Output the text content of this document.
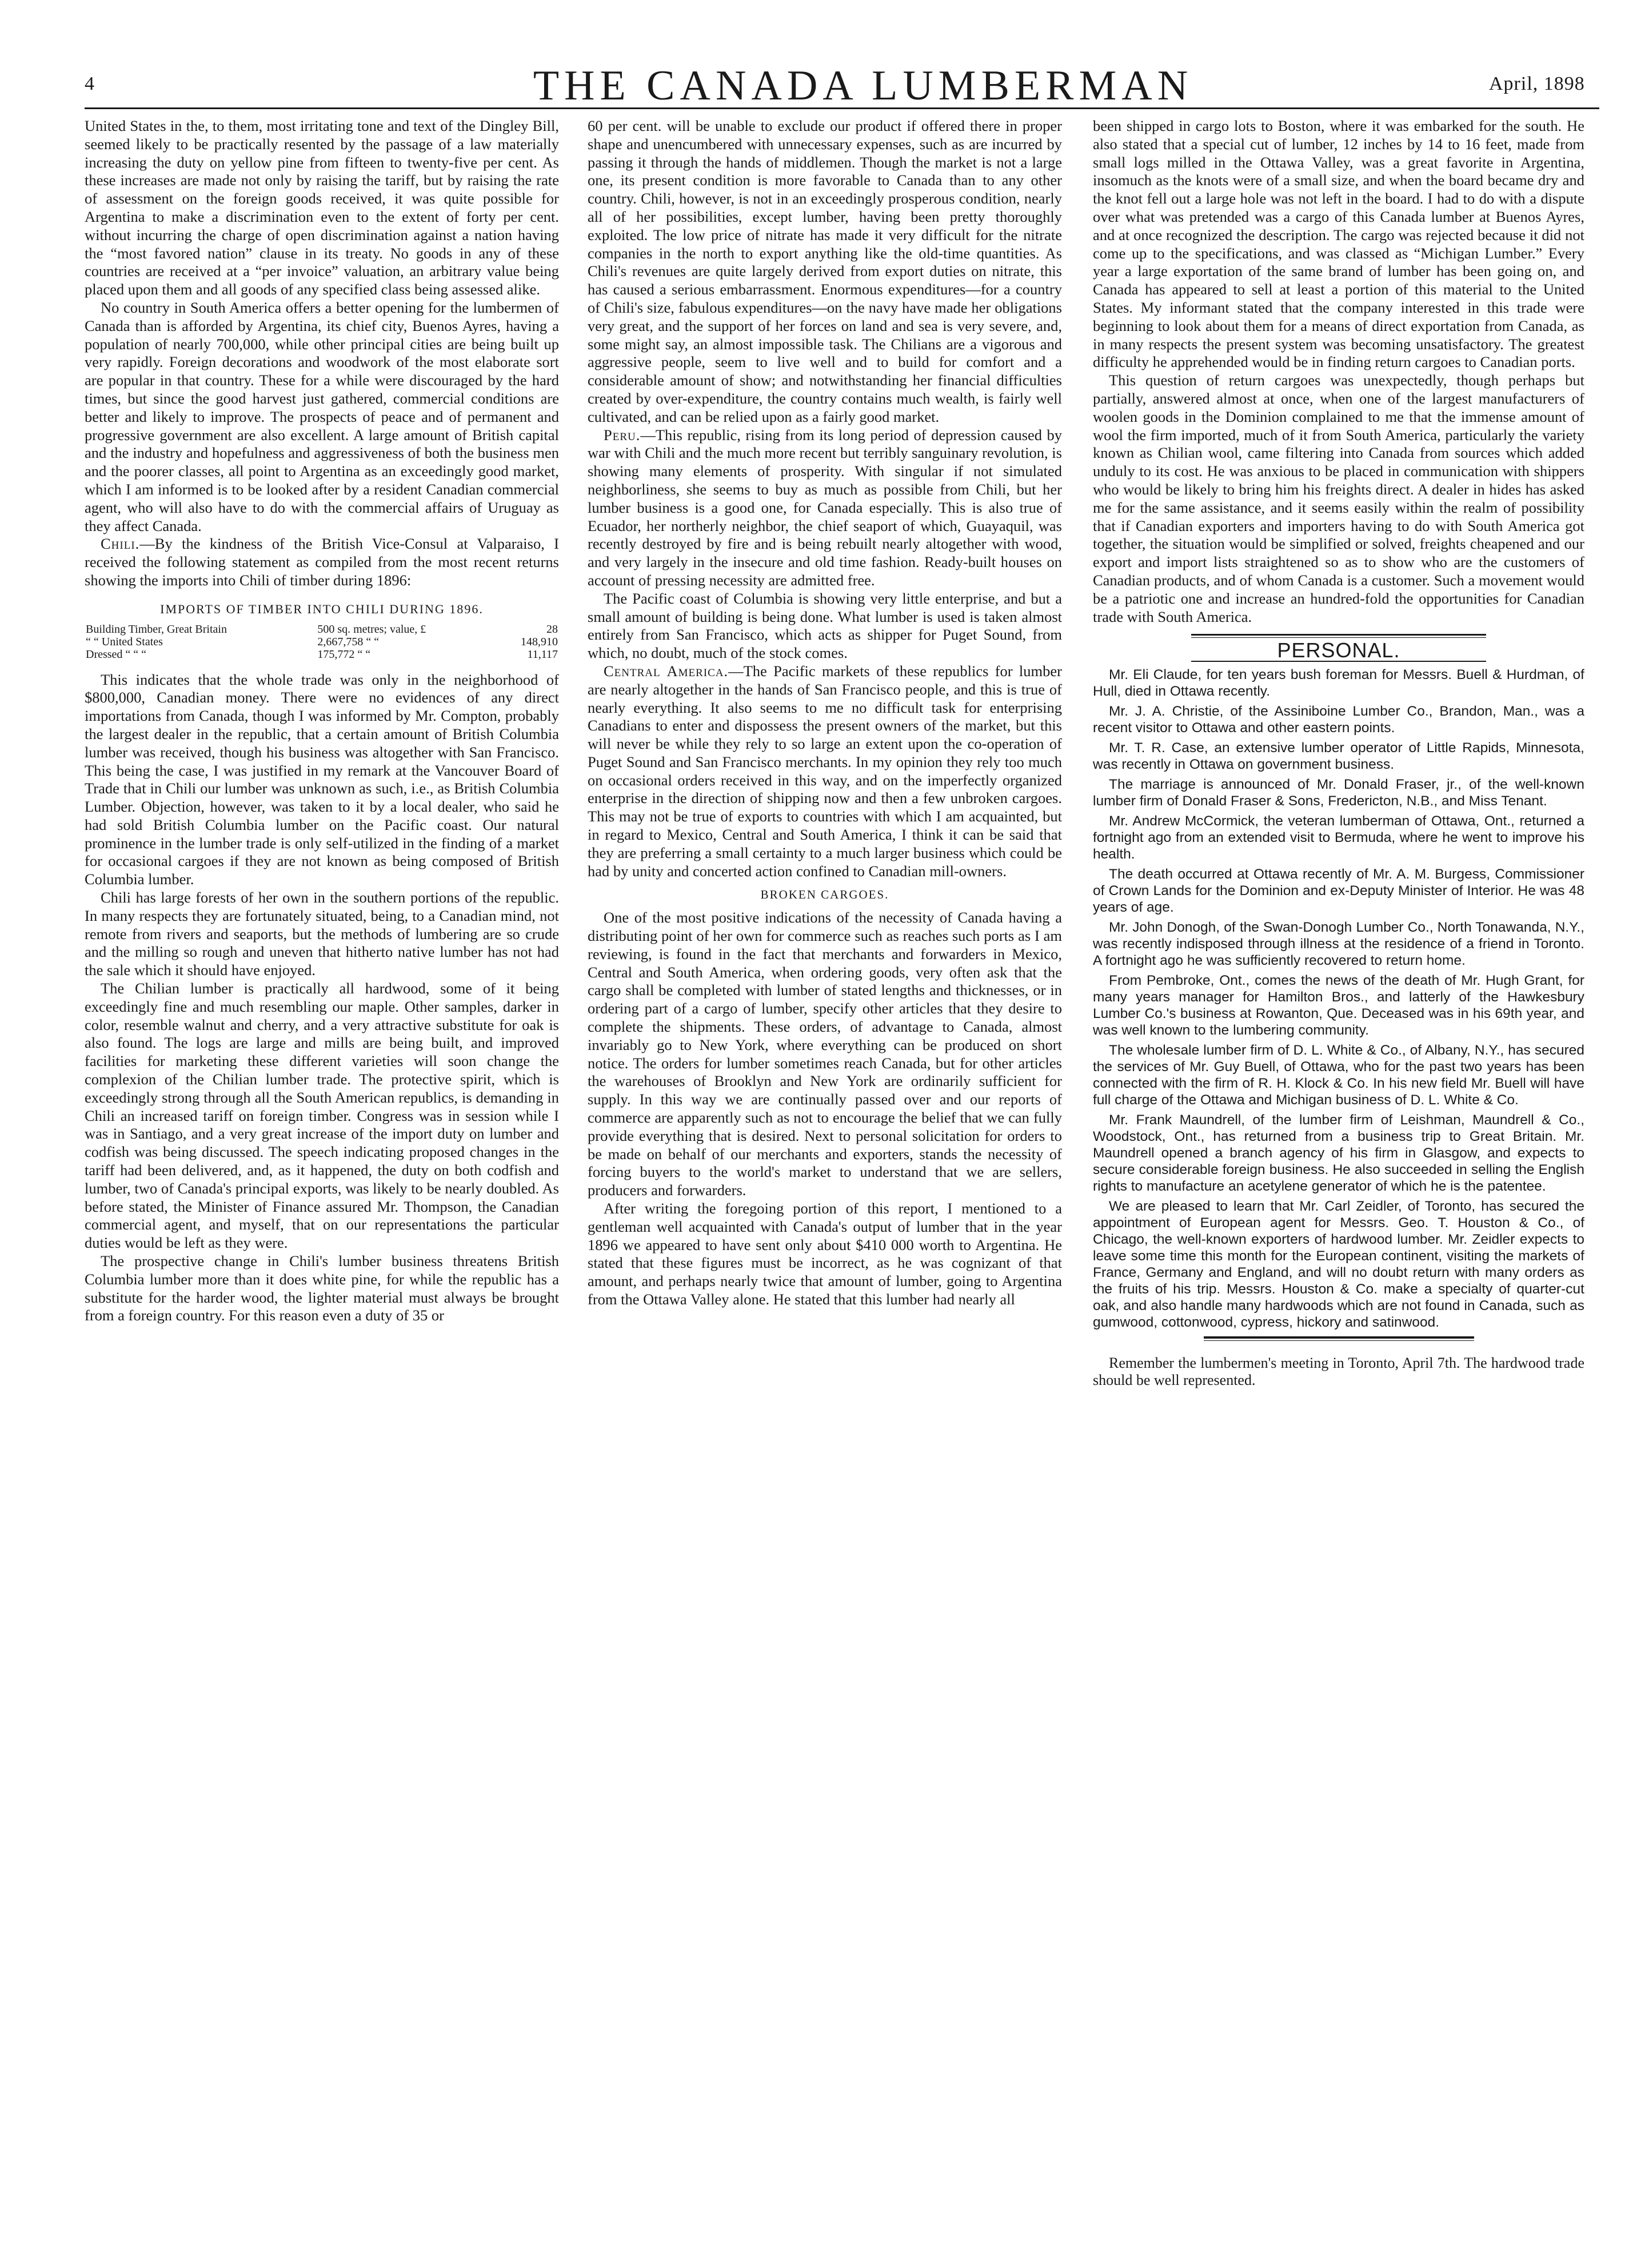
4	THE CANADA LUMBERMAN	April, 1898

United States in the, to them, most irritating tone and text of the Dingley Bill, seemed likely to be practically resented by the passage of a law materially increasing the duty on yellow pine from fifteen to twenty-five per cent. As these increases are made not only by raising the tariff, but by raising the rate of assessment on the foreign goods received, it was quite possible for Argentina to make a discrimination even to the extent of forty per cent. without incurring the charge of open discrimination against a nation having the “most favored nation” clause in its treaty. No goods in any of these countries are received at a “per invoice” valuation, an arbitrary value being placed upon them and all goods of any specified class being assessed alike.

No country in South America offers a better opening for the lumbermen of Canada than is afforded by Argentina, its chief city, Buenos Ayres, having a population of nearly 700,000, while other principal cities are being built up very rapidly. Foreign decorations and woodwork of the most elaborate sort are popular in that country. These for a while were discouraged by the hard times, but since the good harvest just gathered, commercial conditions are better and likely to improve. The prospects of peace and of permanent and progressive government are also excellent. A large amount of British capital and the industry and hopefulness and aggressiveness of both the business men and the poorer classes, all point to Argentina as an exceedingly good market, which I am informed is to be looked after by a resident Canadian commercial agent, who will also have to do with the commercial affairs of Uruguay as they affect Canada.

Chili.—By the kindness of the British Vice-Consul at Valparaiso, I received the following statement as compiled from the most recent returns showing the imports into Chili of timber during 1896:

IMPORTS OF TIMBER INTO CHILI DURING 1896.
Building Timber, Great Britain	500 sq. metres; value, £	28
“ “ United States	2,667,758 “ “	148,910
Dressed “ “ “	175,772 “ “	11,117

This indicates that the whole trade was only in the neighborhood of $800,000, Canadian money. There were no evidences of any direct importations from Canada, though I was informed by Mr. Compton, probably the largest dealer in the republic, that a certain amount of British Columbia lumber was received, though his business was altogether with San Francisco. This being the case, I was justified in my remark at the Vancouver Board of Trade that in Chili our lumber was unknown as such, i.e., as British Columbia Lumber. Objection, however, was taken to it by a local dealer, who said he had sold British Columbia lumber on the Pacific coast. Our natural prominence in the lumber trade is only self-utilized in the finding of a market for occasional cargoes if they are not known as being composed of British Columbia lumber.

Chili has large forests of her own in the southern portions of the republic. In many respects they are fortunately situated, being, to a Canadian mind, not remote from rivers and seaports, but the methods of lumbering are so crude and the milling so rough and uneven that hitherto native lumber has not had the sale which it should have enjoyed.

The Chilian lumber is practically all hardwood, some of it being exceedingly fine and much resembling our maple. Other samples, darker in color, resemble walnut and cherry, and a very attractive substitute for oak is also found. The logs are large and mills are being built, and improved facilities for marketing these different varieties will soon change the complexion of the Chilian lumber trade. The protective spirit, which is exceedingly strong through all the South American republics, is demanding in Chili an increased tariff on foreign timber. Congress was in session while I was in Santiago, and a very great increase of the import duty on lumber and codfish was being discussed. The speech indicating proposed changes in the tariff had been delivered, and, as it happened, the duty on both codfish and lumber, two of Canada's principal exports, was likely to be nearly doubled. As before stated, the Minister of Finance assured Mr. Thompson, the Canadian commercial agent, and myself, that on our representations the particular duties would be left as they were.

The prospective change in Chili's lumber business threatens British Columbia lumber more than it does white pine, for while the republic has a substitute for the harder wood, the lighter material must always be brought from a foreign country. For this reason even a duty of 35 or

60 per cent. will be unable to exclude our product if offered there in proper shape and unencumbered with unnecessary expenses, such as are incurred by passing it through the hands of middlemen. Though the market is not a large one, its present condition is more favorable to Canada than to any other country. Chili, however, is not in an exceedingly prosperous condition, nearly all of her possibilities, except lumber, having been pretty thoroughly exploited. The low price of nitrate has made it very difficult for the nitrate companies in the north to export anything like the old-time quantities. As Chili's revenues are quite largely derived from export duties on nitrate, this has caused a serious embarrassment. Enormous expenditures—for a country of Chili's size, fabulous expenditures—on the navy have made her obligations very great, and the support of her forces on land and sea is very severe, and, some might say, an almost impossible task. The Chilians are a vigorous and aggressive people, seem to live well and to build for comfort and a considerable amount of show; and notwithstanding her financial difficulties created by over-expenditure, the country contains much wealth, is fairly well cultivated, and can be relied upon as a fairly good market.

Peru.—This republic, rising from its long period of depression caused by war with Chili and the much more recent but terribly sanguinary revolution, is showing many elements of prosperity. With singular if not simulated neighborliness, she seems to buy as much as possible from Chili, but her lumber business is a good one, for Canada especially. This is also true of Ecuador, her northerly neighbor, the chief seaport of which, Guayaquil, was recently destroyed by fire and is being rebuilt nearly altogether with wood, and very largely in the insecure and old time fashion. Ready-built houses on account of pressing necessity are admitted free.

The Pacific coast of Columbia is showing very little enterprise, and but a small amount of building is being done. What lumber is used is taken almost entirely from San Francisco, which acts as shipper for Puget Sound, from which, no doubt, much of the stock comes.

Central America.—The Pacific markets of these republics for lumber are nearly altogether in the hands of San Francisco people, and this is true of nearly everything. It also seems to me no difficult task for enterprising Canadians to enter and dispossess the present owners of the market, but this will never be while they rely to so large an extent upon the co-operation of Puget Sound and San Francisco merchants. In my opinion they rely too much on occasional orders received in this way, and on the imperfectly organized enterprise in the direction of shipping now and then a few unbroken cargoes. This may not be true of exports to countries with which I am acquainted, but in regard to Mexico, Central and South America, I think it can be said that they are preferring a small certainty to a much larger business which could be had by unity and concerted action confined to Canadian mill-owners.

BROKEN CARGOES.

One of the most positive indications of the necessity of Canada having a distributing point of her own for commerce such as reaches such ports as I am reviewing, is found in the fact that merchants and forwarders in Mexico, Central and South America, when ordering goods, very often ask that the cargo shall be completed with lumber of stated lengths and thicknesses, or in ordering part of a cargo of lumber, specify other articles that they desire to complete the shipments. These orders, of advantage to Canada, almost invariably go to New York, where everything can be produced on short notice. The orders for lumber sometimes reach Canada, but for other articles the warehouses of Brooklyn and New York are ordinarily sufficient for supply. In this way we are continually passed over and our reports of commerce are apparently such as not to encourage the belief that we can fully provide everything that is desired. Next to personal solicitation for orders to be made on behalf of our merchants and exporters, stands the necessity of forcing buyers to the world's market to understand that we are sellers, producers and forwarders.

After writing the foregoing portion of this report, I mentioned to a gentleman well acquainted with Canada's output of lumber that in the year 1896 we appeared to have sent only about $410 000 worth to Argentina. He stated that these figures must be incorrect, as he was cognizant of that amount, and perhaps nearly twice that amount of lumber, going to Argentina from the Ottawa Valley alone. He stated that this lumber had nearly all

been shipped in cargo lots to Boston, where it was embarked for the south. He also stated that a special cut of lumber, 12 inches by 14 to 16 feet, made from small logs milled in the Ottawa Valley, was a great favorite in Argentina, insomuch as the knots were of a small size, and when the board became dry and the knot fell out a large hole was not left in the board. I had to do with a dispute over what was pretended was a cargo of this Canada lumber at Buenos Ayres, and at once recognized the description. The cargo was rejected because it did not come up to the specifications, and was classed as “Michigan Lumber.” Every year a large exportation of the same brand of lumber has been going on, and Canada has appeared to sell at least a portion of this material to the United States. My informant stated that the company interested in this trade were beginning to look about them for a means of direct exportation from Canada, as in many respects the present system was becoming unsatisfactory. The greatest difficulty he apprehended would be in finding return cargoes to Canadian ports.

This question of return cargoes was unexpectedly, though perhaps but partially, answered almost at once, when one of the largest manufacturers of woolen goods in the Dominion complained to me that the immense amount of wool the firm imported, much of it from South America, particularly the variety known as Chilian wool, came filtering into Canada from sources which added unduly to its cost. He was anxious to be placed in communication with shippers who would be likely to bring him his freights direct. A dealer in hides has asked me for the same assistance, and it seems easily within the realm of possibility that if Canadian exporters and importers having to do with South America got together, the situation would be simplified or solved, freights cheapened and our export and import lists straightened so as to show who are the customers of Canadian products, and of whom Canada is a customer. Such a movement would be a patriotic one and increase an hundred-fold the opportunities for Canadian trade with South America.

PERSONAL.

Mr. Eli Claude, for ten years bush foreman for Messrs. Buell & Hurdman, of Hull, died in Ottawa recently.

Mr. J. A. Christie, of the Assiniboine Lumber Co., Brandon, Man., was a recent visitor to Ottawa and other eastern points.

Mr. T. R. Case, an extensive lumber operator of Little Rapids, Minnesota, was recently in Ottawa on government business.

The marriage is announced of Mr. Donald Fraser, jr., of the well-known lumber firm of Donald Fraser & Sons, Fredericton, N.B., and Miss Tenant.

Mr. Andrew McCormick, the veteran lumberman of Ottawa, Ont., returned a fortnight ago from an extended visit to Bermuda, where he went to improve his health.

The death occurred at Ottawa recently of Mr. A. M. Burgess, Commissioner of Crown Lands for the Dominion and ex-Deputy Minister of Interior. He was 48 years of age.

Mr. John Donogh, of the Swan-Donogh Lumber Co., North Tonawanda, N.Y., was recently indisposed through illness at the residence of a friend in Toronto. A fortnight ago he was sufficiently recovered to return home.

From Pembroke, Ont., comes the news of the death of Mr. Hugh Grant, for many years manager for Hamilton Bros., and latterly of the Hawkesbury Lumber Co.'s business at Rowanton, Que. Deceased was in his 69th year, and was well known to the lumbering community.

The wholesale lumber firm of D. L. White & Co., of Albany, N.Y., has secured the services of Mr. Guy Buell, of Ottawa, who for the past two years has been connected with the firm of R. H. Klock & Co. In his new field Mr. Buell will have full charge of the Ottawa and Michigan business of D. L. White & Co.

Mr. Frank Maundrell, of the lumber firm of Leishman, Maundrell & Co., Woodstock, Ont., has returned from a business trip to Great Britain. Mr. Maundrell opened a branch agency of his firm in Glasgow, and expects to secure considerable foreign business. He also succeeded in selling the English rights to manufacture an acetylene generator of which he is the patentee.

We are pleased to learn that Mr. Carl Zeidler, of Toronto, has secured the appointment of European agent for Messrs. Geo. T. Houston & Co., of Chicago, the well-known exporters of hardwood lumber. Mr. Zeidler expects to leave some time this month for the European continent, visiting the markets of France, Germany and England, and will no doubt return with many orders as the fruits of his trip. Messrs. Houston & Co. make a specialty of quarter-cut oak, and also handle many hardwoods which are not found in Canada, such as gumwood, cottonwood, cypress, hickory and satinwood.

Remember the lumbermen's meeting in Toronto, April 7th. The hardwood trade should be well represented.
